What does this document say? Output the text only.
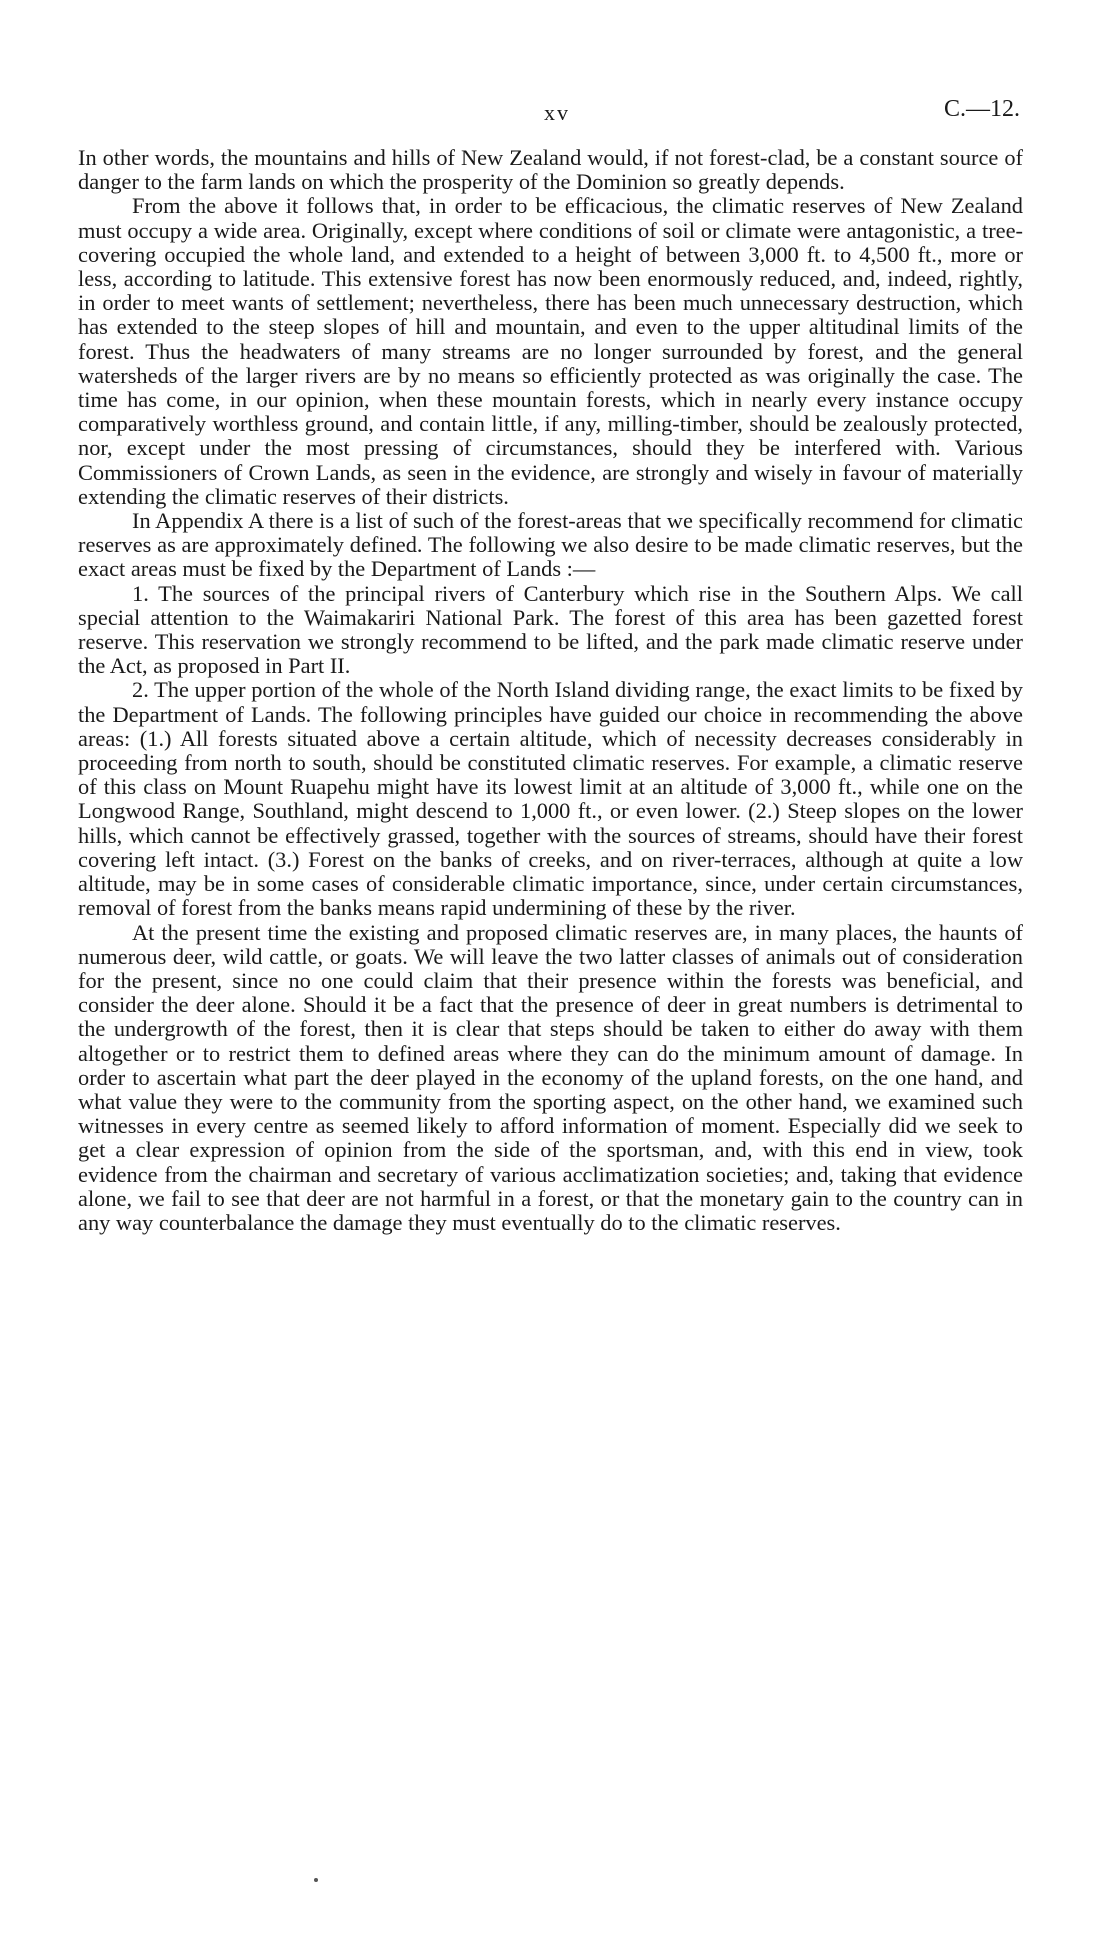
xv	C.—12.

In other words, the mountains and hills of New Zealand would, if not forest-clad, be a constant source of danger to the farm lands on which the prosperity of the Dominion so greatly depends.

From the above it follows that, in order to be efficacious, the climatic reserves of New Zealand must occupy a wide area. Originally, except where conditions of soil or climate were antagonistic, a tree-covering occupied the whole land, and extended to a height of between 3,000 ft. to 4,500 ft., more or less, according to latitude. This extensive forest has now been enormously reduced, and, indeed, rightly, in order to meet wants of settlement; nevertheless, there has been much unnecessary destruction, which has extended to the steep slopes of hill and mountain, and even to the upper altitudinal limits of the forest. Thus the headwaters of many streams are no longer surrounded by forest, and the general watersheds of the larger rivers are by no means so efficiently protected as was originally the case. The time has come, in our opinion, when these mountain forests, which in nearly every instance occupy comparatively worthless ground, and contain little, if any, milling-timber, should be zealously protected, nor, except under the most pressing of circumstances, should they be interfered with. Various Commissioners of Crown Lands, as seen in the evidence, are strongly and wisely in favour of materially extending the climatic reserves of their districts.

In Appendix A there is a list of such of the forest-areas that we specifically recommend for climatic reserves as are approximately defined. The following we also desire to be made climatic reserves, but the exact areas must be fixed by the Department of Lands :—

1. The sources of the principal rivers of Canterbury which rise in the Southern Alps. We call special attention to the Waimakariri National Park. The forest of this area has been gazetted forest reserve. This reservation we strongly recommend to be lifted, and the park made climatic reserve under the Act, as proposed in Part II.

2. The upper portion of the whole of the North Island dividing range, the exact limits to be fixed by the Department of Lands. The following principles have guided our choice in recommending the above areas: (1.) All forests situated above a certain altitude, which of necessity decreases considerably in proceeding from north to south, should be constituted climatic reserves. For example, a climatic reserve of this class on Mount Ruapehu might have its lowest limit at an altitude of 3,000 ft., while one on the Longwood Range, Southland, might descend to 1,000 ft., or even lower. (2.) Steep slopes on the lower hills, which cannot be effectively grassed, together with the sources of streams, should have their forest covering left intact. (3.) Forest on the banks of creeks, and on river-terraces, although at quite a low altitude, may be in some cases of considerable climatic importance, since, under certain circumstances, removal of forest from the banks means rapid undermining of these by the river.

At the present time the existing and proposed climatic reserves are, in many places, the haunts of numerous deer, wild cattle, or goats. We will leave the two latter classes of animals out of consideration for the present, since no one could claim that their presence within the forests was beneficial, and consider the deer alone. Should it be a fact that the presence of deer in great numbers is detrimental to the undergrowth of the forest, then it is clear that steps should be taken to either do away with them altogether or to restrict them to defined areas where they can do the minimum amount of damage. In order to ascertain what part the deer played in the economy of the upland forests, on the one hand, and what value they were to the community from the sporting aspect, on the other hand, we examined such witnesses in every centre as seemed likely to afford information of moment. Especially did we seek to get a clear expression of opinion from the side of the sportsman, and, with this end in view, took evidence from the chairman and secretary of various acclimatization societies; and, taking that evidence alone, we fail to see that deer are not harmful in a forest, or that the monetary gain to the country can in any way counterbalance the damage they must eventually do to the climatic reserves.
